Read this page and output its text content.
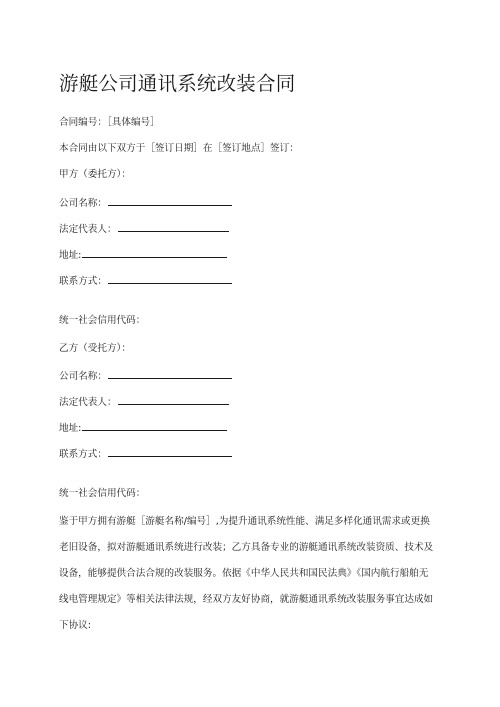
游艇公司通讯系统改装合同
合同编号：［具体编号］
本合同由以下双方于［签订日期］在［签订地点］签订：
甲方（委托方）：
公司名称：
法定代表人：
地址:
联系方式：
统一社会信用代码：
乙方（受托方）：
公司名称：
法定代表人：
地址:
联系方式：
统一社会信用代码：
鉴于甲方拥有游艇［游艇名称/编号］,为提升通讯系统性能、满足多样化通讯需求或更换
老旧设备，拟对游艇通讯系统进行改装；乙方具备专业的游艇通讯系统改装资质、技术及
设备，能够提供合法合规的改装服务。依据《中华人民共和国民法典》《国内航行船舶无
线电管理规定》等相关法律法规，经双方友好协商，就游艇通讯系统改装服务事宜达成如
下协议:
